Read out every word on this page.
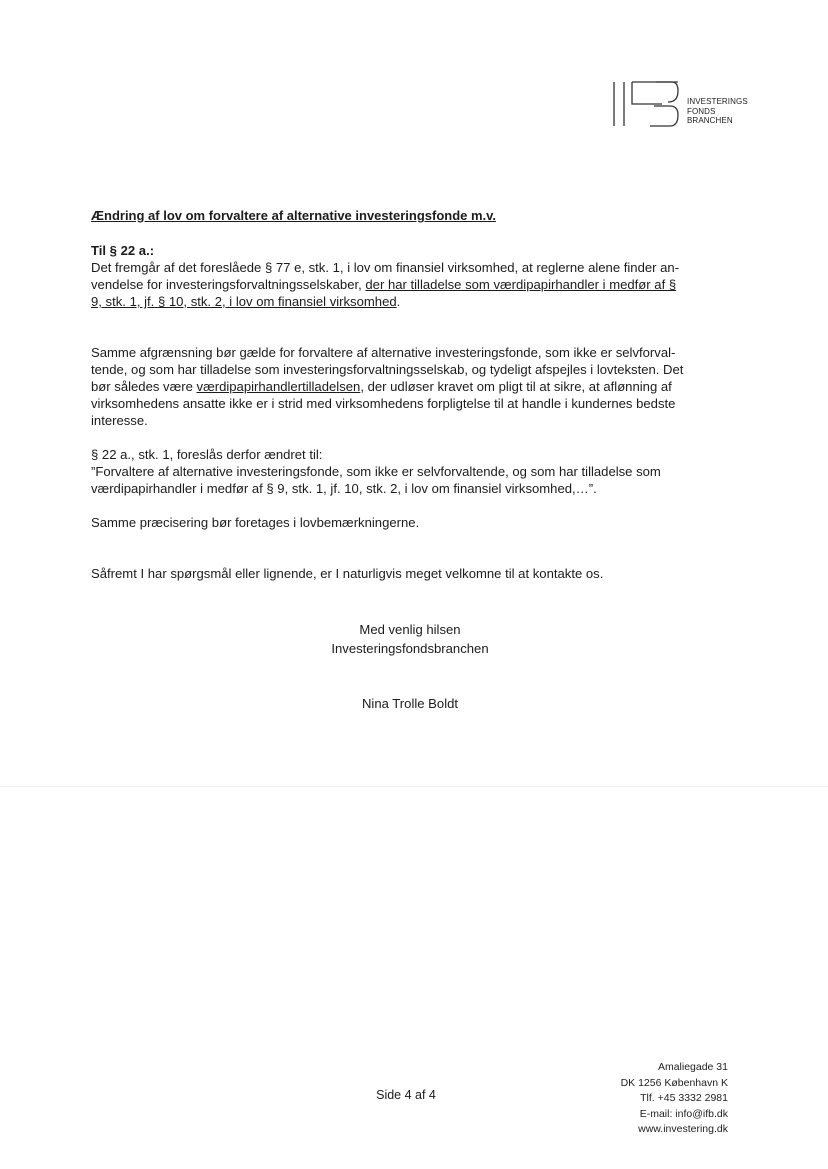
INVESTERINGS
FONDS
BRANCHEN

Ændring af lov om forvaltere af alternative investeringsfonde m.v.

Til § 22 a.:

Det fremgår af det foreslåede § 77 e, stk. 1, i lov om finansiel virksomhed, at reglerne alene finder an-
vendelse for investeringsforvaltningsselskaber, der har tilladelse som værdipapirhandler i medfør af §
9, stk. 1, jf. § 10, stk. 2, i lov om finansiel virksomhed.

Samme afgrænsning bør gælde for forvaltere af alternative investeringsfonde, som ikke er selvforval-
tende, og som har tilladelse som investeringsforvaltningsselskab, og tydeligt afspejles i lovteksten. Det
bør således være værdipapirhandlertilladelsen, der udløser kravet om pligt til at sikre, at aflønning af
virksomhedens ansatte ikke er i strid med virksomhedens forpligtelse til at handle i kundernes bedste
interesse.

§ 22 a., stk. 1, foreslås derfor ændret til:
”Forvaltere af alternative investeringsfonde, som ikke er selvforvaltende, og som har tilladelse som
værdipapirhandler i medfør af § 9, stk. 1, jf. 10, stk. 2, i lov om finansiel virksomhed,…”.

Samme præcisering bør foretages i lovbemærkningerne.

Såfremt I har spørgsmål eller lignende, er I naturligvis meget velkomne til at kontakte os.

Med venlig hilsen
Investeringsfondsbranchen
Nina Trolle Boldt
Side 4 af 4
Amaliegade 31
DK 1256 København K
Tlf. +45 3332 2981
E-mail: info@ifb.dk
www.investering.dk
